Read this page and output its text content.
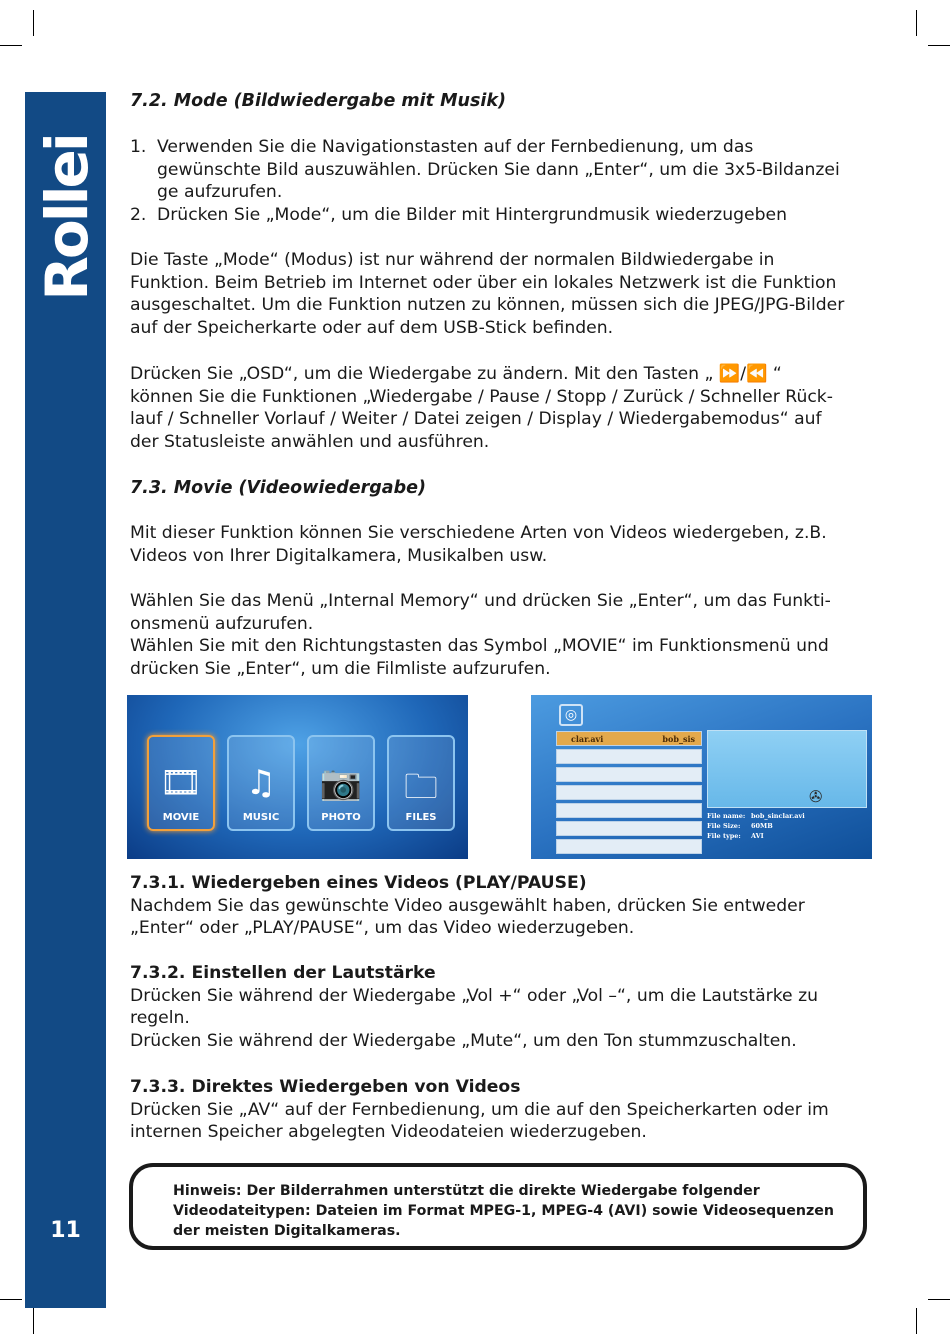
Rollei
11
7.2. Mode (Bildwiedergabe mit Musik)
1. Verwenden Sie die Navigationstasten auf der Fernbedienung, um das
gewünschte Bild auszuwählen. Drücken Sie dann „Enter“, um die 3x5-Bildanzei
ge aufzurufen.
2. Drücken Sie „Mode“, um die Bilder mit Hintergrundmusik wiederzugeben
Die Taste „Mode“ (Modus) ist nur während der normalen Bildwiedergabe in
Funktion. Beim Betrieb im Internet oder über ein lokales Netzwerk ist die Funktion
ausgeschaltet. Um die Funktion nutzen zu können, müssen sich die JPEG/JPG-Bilder
auf der Speicherkarte oder auf dem USB-Stick befinden.
Drücken Sie „OSD“, um die Wiedergabe zu ändern. Mit den Tasten „ ⏩/⏪ “
können Sie die Funktionen „Wiedergabe / Pause / Stopp / Zurück / Schneller Rück-
lauf / Schneller Vorlauf / Weiter / Datei zeigen / Display / Wiedergabemodus“ auf
der Statusleiste anwählen und ausführen.
7.3. Movie (Videowiedergabe)
Mit dieser Funktion können Sie verschiedene Arten von Videos wiedergeben, z.B.
Videos von Ihrer Digitalkamera, Musikalben usw.
Wählen Sie das Menü „Internal Memory“ und drücken Sie „Enter“, um das Funkti-
onsmenü aufzurufen.
Wählen Sie mit den Richtungstasten das Symbol „MOVIE“ im Funktionsmenü und
drücken Sie „Enter“, um die Filmliste aufzurufen.
7.3.1. Wiedergeben eines Videos (PLAY/PAUSE)
Nachdem Sie das gewünschte Video ausgewählt haben, drücken Sie entweder
„Enter“ oder „PLAY/PAUSE“, um das Video wiederzugeben.
7.3.2. Einstellen der Lautstärke
Drücken Sie während der Wiedergabe „Vol +“ oder „Vol –“, um die Lautstärke zu
regeln.
Drücken Sie während der Wiedergabe „Mute“, um den Ton stummzuschalten.
7.3.3. Direktes Wiedergeben von Videos
Drücken Sie „AV“ auf der Fernbedienung, um die auf den Speicherkarten oder im
internen Speicher abgelegten Videodateien wiederzugeben.
🎞
MOVIE
♫
MUSIC
📷
PHOTO
🗀
FILES
◎
clar.avi	bob_sis
✇
File name: bob_sinclar.avi
File Size: 60MB
File type: AVI
Hinweis: Der Bilderrahmen unterstützt die direkte Wiedergabe folgender
Videodateitypen: Dateien im Format MPEG-1, MPEG-4 (AVI) sowie Videosequenzen
der meisten Digitalkameras.
